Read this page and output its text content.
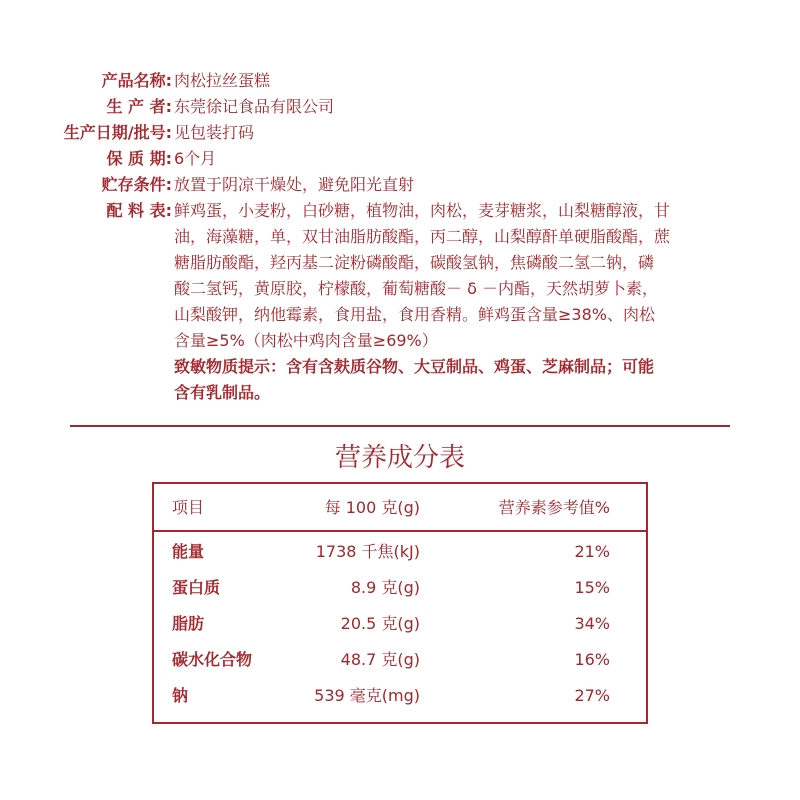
产品名称: 肉松拉丝蛋糕
生 产 者: 东莞徐记食品有限公司
生产日期/批号: 见包装打码
保 质 期: 6个月
贮存条件: 放置于阴凉干燥处，避免阳光直射
配 料 表: 鲜鸡蛋，小麦粉，白砂糖，植物油，肉松，麦芽糖浆，山梨糖醇液，甘
油，海藻糖，单，双甘油脂肪酸酯，丙二醇，山梨醇酐单硬脂酸酯，蔗
糖脂肪酸酯，羟丙基二淀粉磷酸酯，碳酸氢钠，焦磷酸二氢二钠，磷
酸二氢钙，黄原胶，柠檬酸，葡萄糖酸－ δ －内酯，天然胡萝卜素，
山梨酸钾，纳他霉素，食用盐，食用香精。鲜鸡蛋含量≥38%、肉松
含量≥5%（肉松中鸡肉含量≥69%）
致敏物质提示：含有含麸质谷物、大豆制品、鸡蛋、芝麻制品；可能
含有乳制品。
营养成分表
项目	每 100 克(g)	营养素参考值%
能量	1738 千焦(kJ)	21%
蛋白质	8.9 克(g)	15%
脂肪	20.5 克(g)	34%
碳水化合物	48.7 克(g)	16%
钠	539 毫克(mg)	27%
